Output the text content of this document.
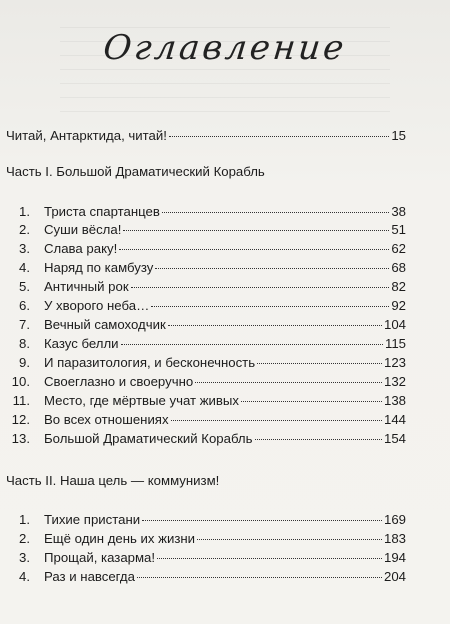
Оглавление
Читай, Антарктида, читай!	15
Часть I. Большой Драматический Корабль
1. Триста спартанцев	38
2. Суши вёсла!	51
3. Слава раку!	62
4. Наряд по камбузу	68
5. Античный рок	82
6. У хворого неба…	92
7. Вечный самоходчик	104
8. Казус белли	115
9. И паразитология, и бесконечность	123
10. Своеглазно и своеручно	132
11. Место, где мёртвые учат живых	138
12. Во всех отношениях	144
13. Большой Драматический Корабль	154
Часть II. Наша цель — коммунизм!
1. Тихие пристани	169
2. Ещё один день их жизни	183
3. Прощай, казарма!	194
4. Раз и навсегда	204
